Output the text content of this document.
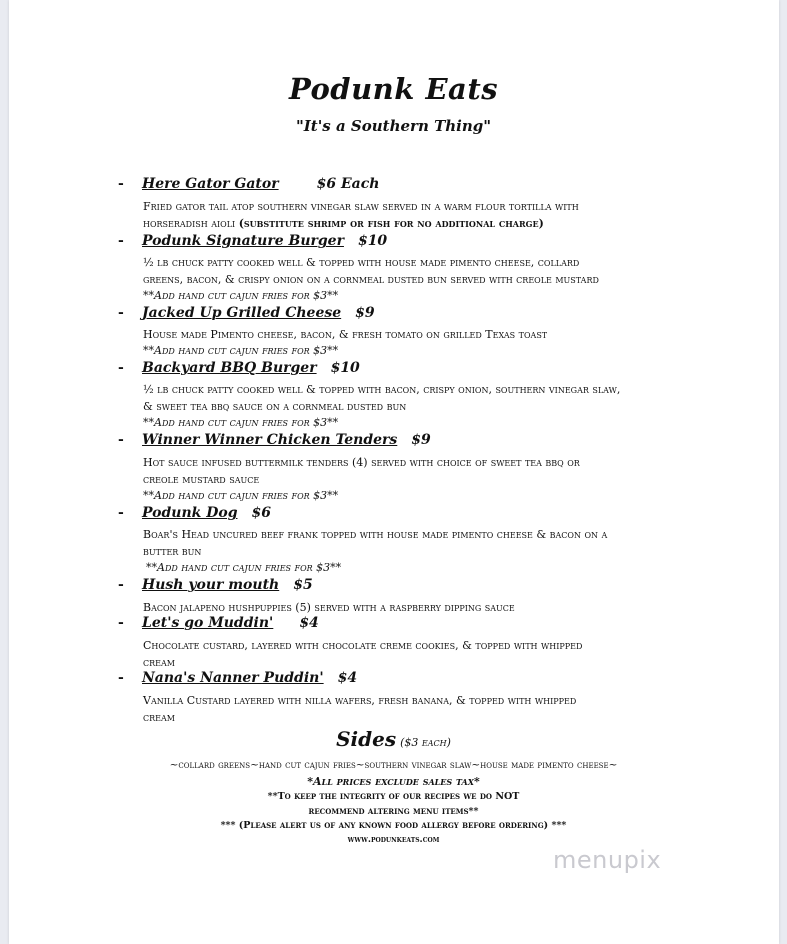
Podunk Eats
"It's a Southern Thing"
- Here Gator Gator	$6 Each
Fried gator tail atop southern vinegar slaw served in a warm flour tortilla with
horseradish aioli (substitute shrimp or fish for no additional charge)
- Podunk Signature Burger $10
½ lb chuck patty cooked well & topped with house made pimento cheese, collard
greens, bacon, & crispy onion on a cornmeal dusted bun served with creole mustard
**Add hand cut cajun fries for $3**
- Jacked Up Grilled Cheese $9
House made Pimento cheese, bacon, & fresh tomato on grilled Texas toast
**Add hand cut cajun fries for $3**
- Backyard BBQ Burger $10
½ lb chuck patty cooked well & topped with bacon, crispy onion, southern vinegar slaw,
& sweet tea bbq sauce on a cornmeal dusted bun
**Add hand cut cajun fries for $3**
- Winner Winner Chicken Tenders $9
Hot sauce infused buttermilk tenders (4) served with choice of sweet tea bbq or
creole mustard sauce
**Add hand cut cajun fries for $3**
- Podunk Dog $6
Boar's Head uncured beef frank topped with house made pimento cheese & bacon on a
butter bun
**Add hand cut cajun fries for $3**
- Hush your mouth $5
Bacon jalapeno hushpuppies (5) served with a raspberry dipping sauce
- Let's go Muddin' $4
Chocolate custard, layered with chocolate creme cookies, & topped with whipped
cream
- Nana's Nanner Puddin' $4
Vanilla Custard layered with nilla wafers, fresh banana, & topped with whipped
cream
Sides ($3 each)
~collard greens~hand cut cajun fries~southern vinegar slaw~house made pimento cheese~
*All prices exclude sales tax*
**To keep the integrity of our recipes we do NOT
recommend altering menu items**
*** (Please alert us of any known food allergy before ordering) ***
www.podunkeats.com
menupix
